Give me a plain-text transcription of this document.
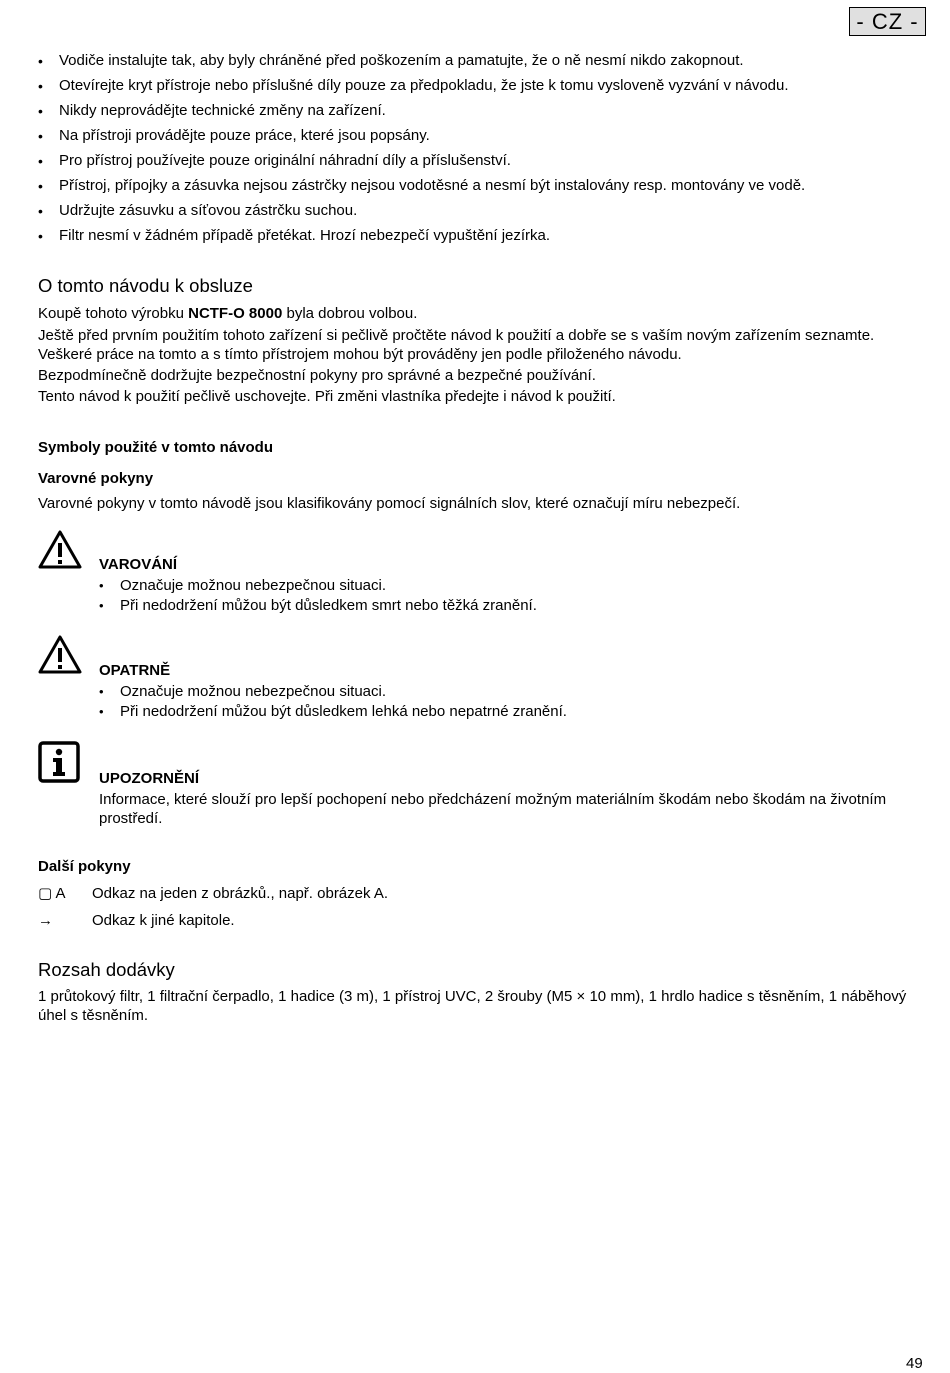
- CZ -
• Vodiče instalujte tak, aby byly chráněné před poškozením a pamatujte, že o ně nesmí nikdo zakopnout.
• Otevírejte kryt přístroje nebo příslušné díly pouze za předpokladu, že jste k tomu vysloveně vyzvání v návodu.
• Nikdy neprovádějte technické změny na zařízení.
• Na přístroji provádějte pouze práce, které jsou popsány.
• Pro přístroj používejte pouze originální náhradní díly a příslušenství.
• Přístroj, přípojky a zásuvka nejsou zástrčky nejsou vodotěsné a nesmí být instalovány resp. montovány ve vodě.
• Udržujte zásuvku a síťovou zástrčku suchou.
• Filtr nesmí v žádném případě přetékat. Hrozí nebezpečí vypuštění jezírka.
O tomto návodu k obsluze

Koupě tohoto výrobku NCTF-O 8000 byla dobrou volbou.

Ještě před prvním použitím tohoto zařízení si pečlivě pročtěte návod k použití a dobře se s vaším novým zařízením seznamte. Veškeré práce na tomto a s tímto přístrojem mohou být prováděny jen podle přiloženého návodu.

Bezpodmínečně dodržujte bezpečnostní pokyny pro správné a bezpečné používání.

Tento návod k použití pečlivě uschovejte. Při změni vlastníka předejte i návod k použití.

Symboly použité v tomto návodu
Varovné pokyny

Varovné pokyny v tomto návodě jsou klasifikovány pomocí signálních slov, které označují míru nebezpečí.

VAROVÁNÍ
• Označuje možnou nebezpečnou situaci.
• Při nedodržení můžou být důsledkem smrt nebo těžká zranění.
OPATRNĚ
• Označuje možnou nebezpečnou situaci.
• Při nedodržení můžou být důsledkem lehká nebo nepatrné zranění.
UPOZORNĚNÍ

Informace, které slouží pro lepší pochopení nebo předcházení možným materiálním škodám nebo škodám na životním prostředí.

Další pokyny
▢ A	Odkaz na jeden z obrázků., např. obrázek A.
→	Odkaz k jiné kapitole.
Rozsah dodávky

1 průtokový filtr, 1 filtrační čerpadlo, 1 hadice (3 m), 1 přístroj UVC, 2 šrouby (M5 × 10 mm), 1 hrdlo hadice s těsněním, 1 náběhový úhel s těsněním.

49
